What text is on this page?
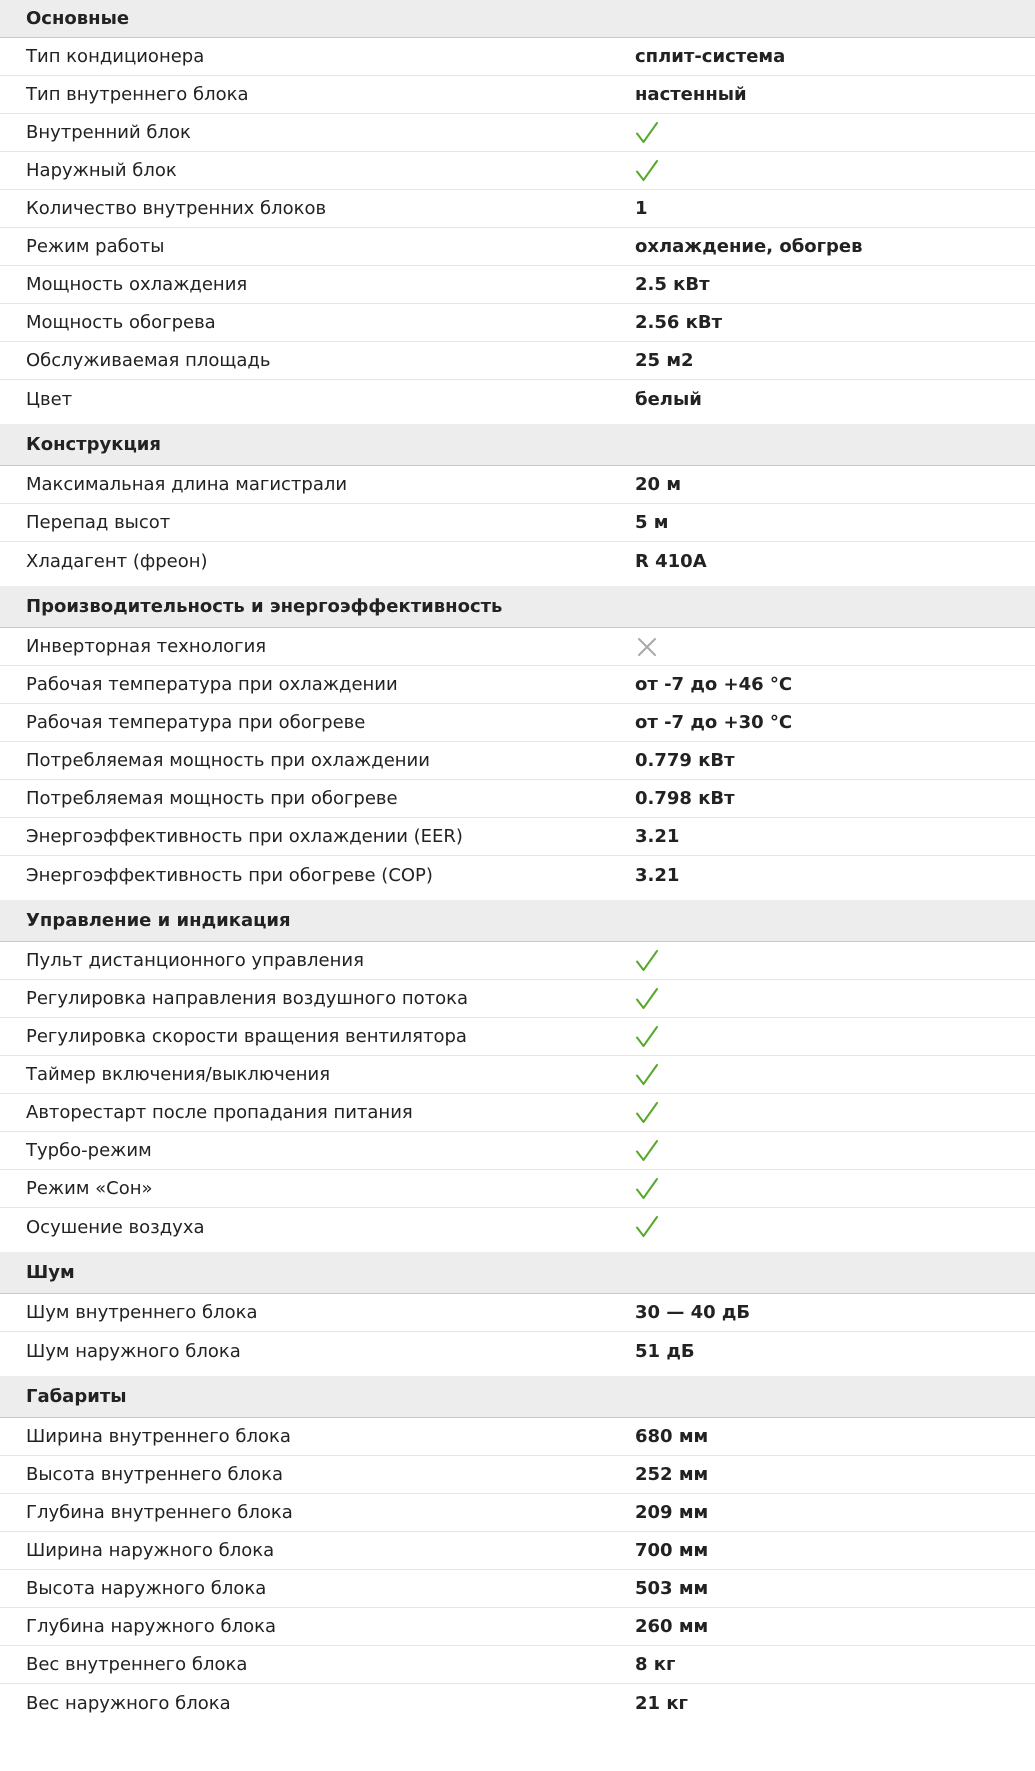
Основные
Тип кондиционера	сплит-система
Тип внутреннего блока	настенный
Внутренний блок
Наружный блок
Количество внутренних блоков	1
Режим работы	охлаждение, обогрев
Мощность охлаждения	2.5 кВт
Мощность обогрева	2.56 кВт
Обслуживаемая площадь	25 м2
Цвет	белый
Конструкция
Максимальная длина магистрали	20 м
Перепад высот	5 м
Хладагент (фреон)	R 410A
Производительность и энергоэффективность
Инверторная технология
Рабочая температура при охлаждении	от -7 до +46 °С
Рабочая температура при обогреве	от -7 до +30 °С
Потребляемая мощность при охлаждении	0.779 кВт
Потребляемая мощность при обогреве	0.798 кВт
Энергоэффективность при охлаждении (EER)	3.21
Энергоэффективность при обогреве (COP)	3.21
Управление и индикация
Пульт дистанционного управления
Регулировка направления воздушного потока
Регулировка скорости вращения вентилятора
Таймер включения/выключения
Авторестарт после пропадания питания
Турбо-режим
Режим «Сон»
Осушение воздуха
Шум
Шум внутреннего блока	30 — 40 дБ
Шум наружного блока	51 дБ
Габариты
Ширина внутреннего блока	680 мм
Высота внутреннего блока	252 мм
Глубина внутреннего блока	209 мм
Ширина наружного блока	700 мм
Высота наружного блока	503 мм
Глубина наружного блока	260 мм
Вес внутреннего блока	8 кг
Вес наружного блока	21 кг
